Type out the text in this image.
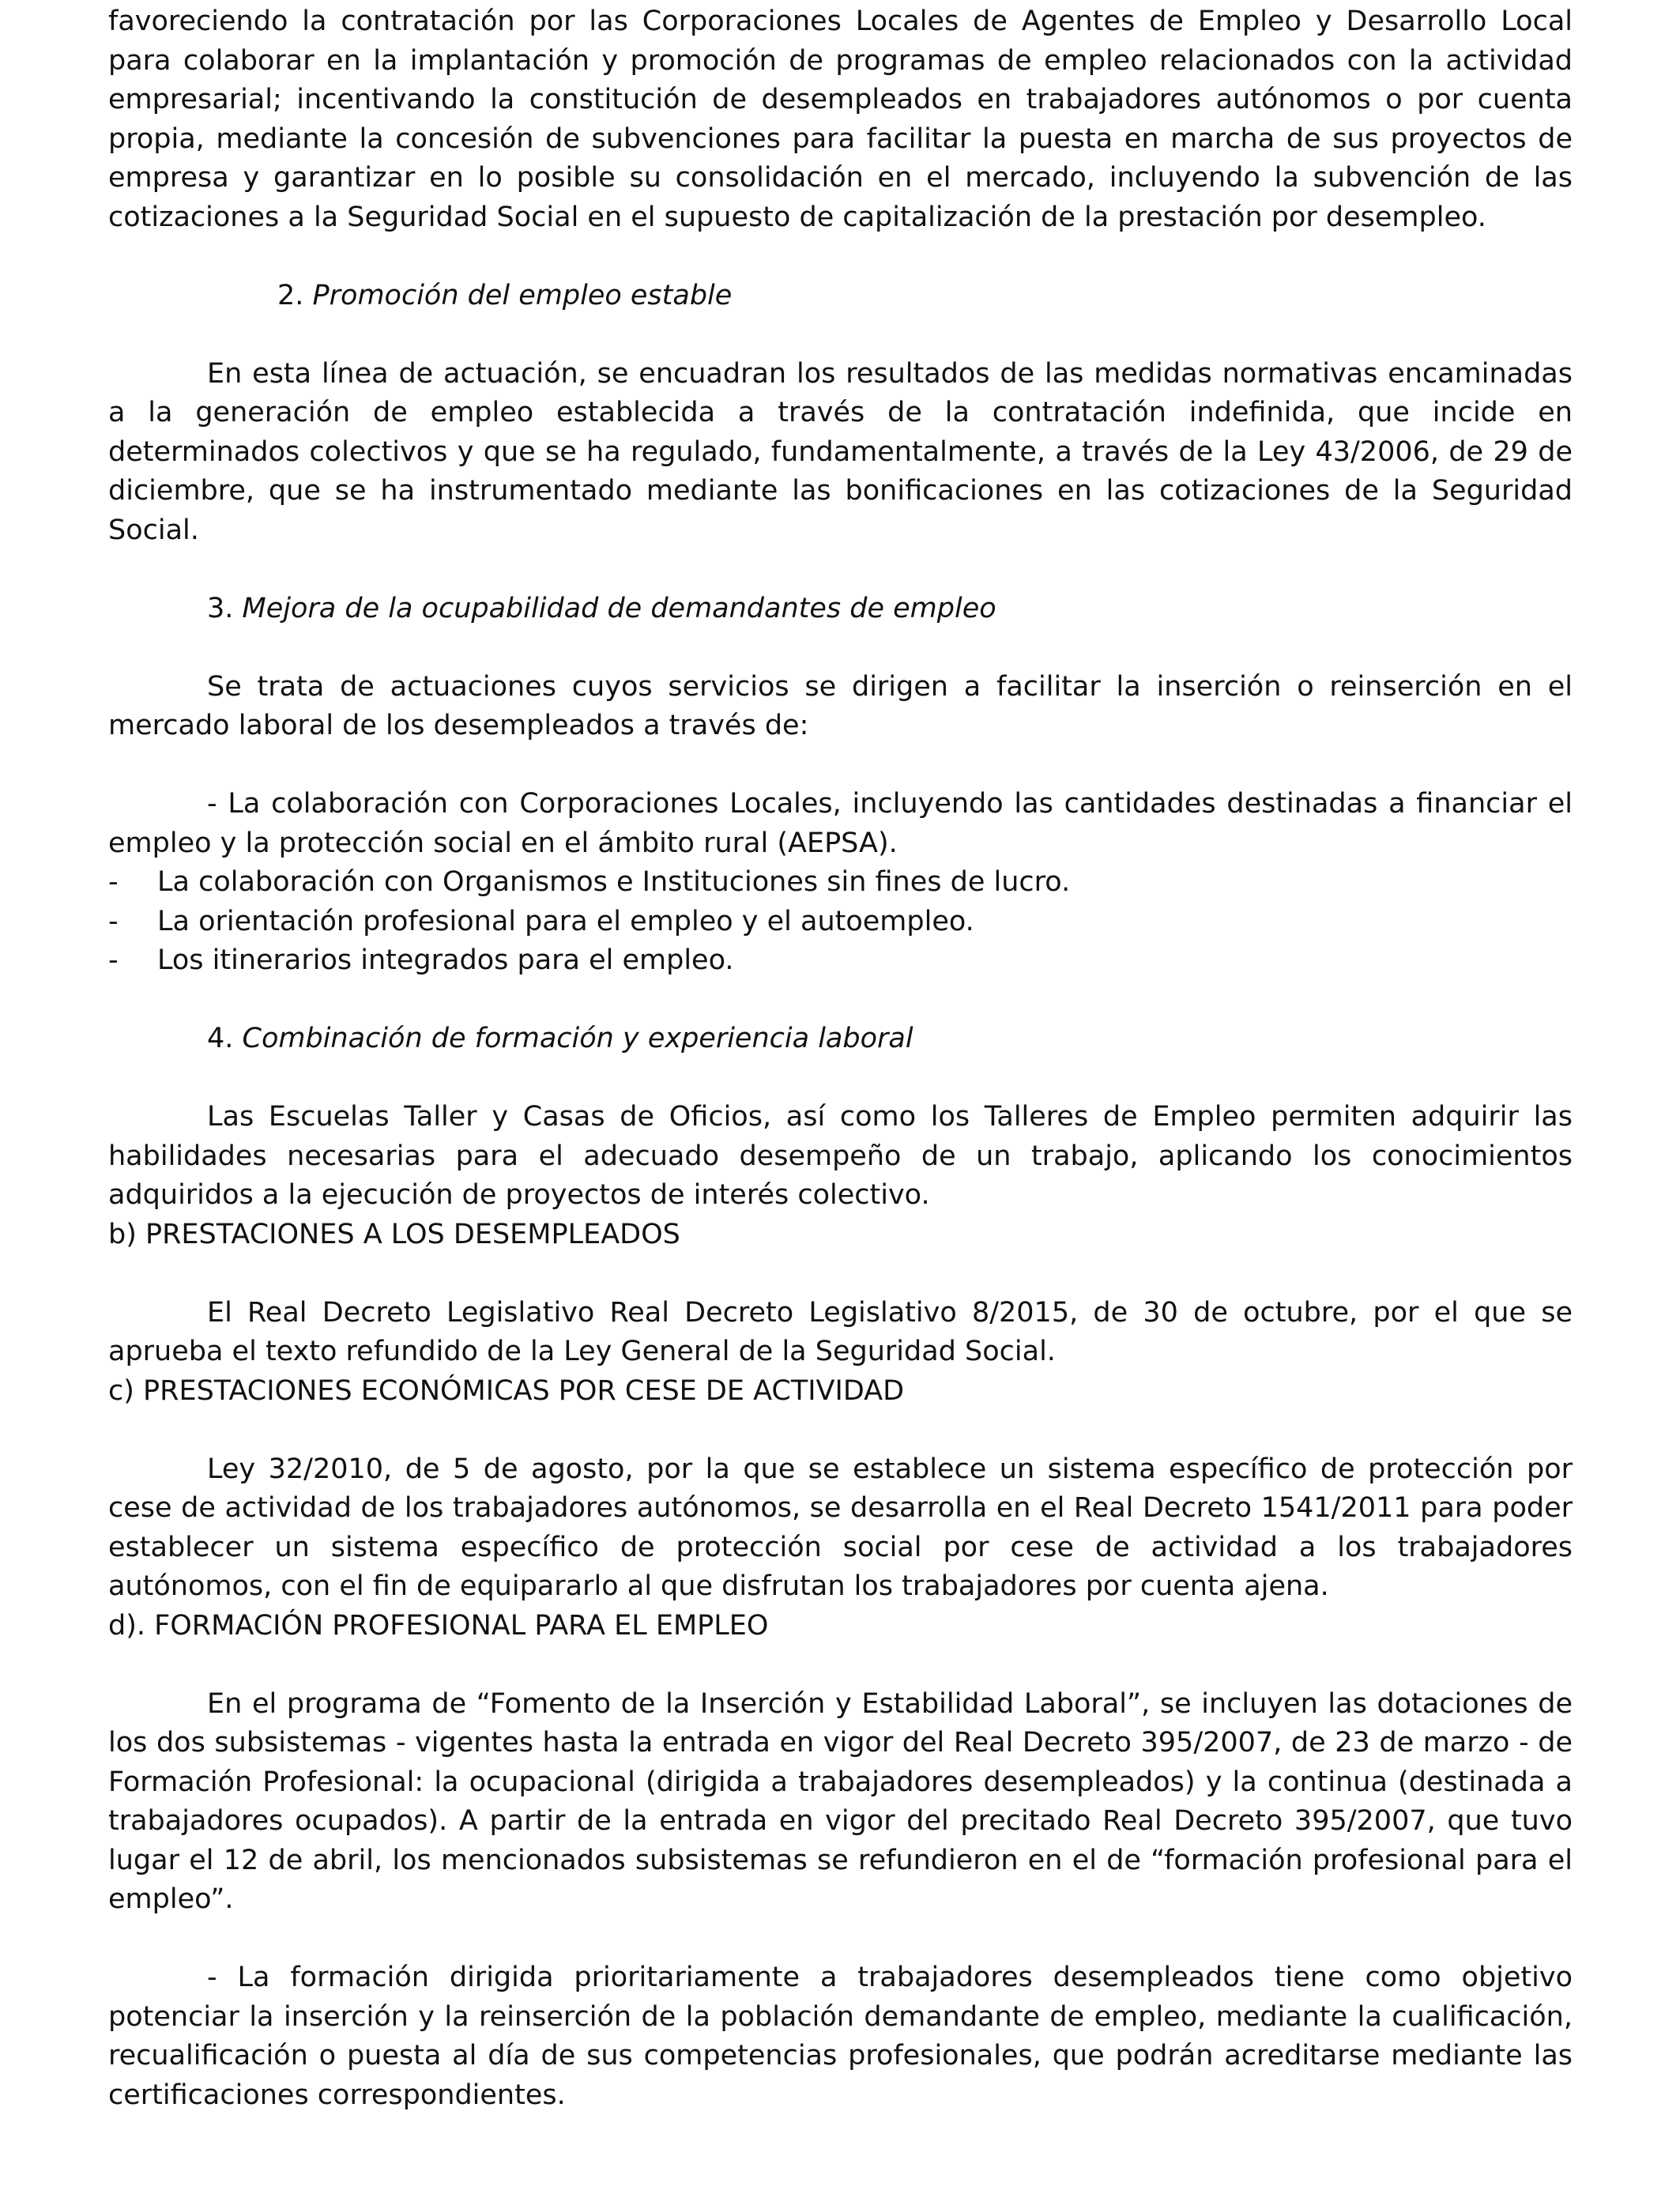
favoreciendo la contratación por las Corporaciones Locales de Agentes de Empleo y Desarrollo Local para colaborar en la implantación y promoción de programas de empleo relacionados con la actividad empresarial; incentivando la constitución de desempleados en trabajadores autónomos o por cuenta propia, mediante la concesión de subvenciones para facilitar la puesta en marcha de sus proyectos de empresa y garantizar en lo posible su consolidación en el mercado, incluyendo la subvención de las cotizaciones a la Seguridad Social en el supuesto de capitalización de la prestación por desempleo.

2. Promoción del empleo estable

En esta línea de actuación, se encuadran los resultados de las medidas normativas encaminadas a la generación de empleo establecida a través de la contratación indefinida, que incide en determinados colectivos y que se ha regulado, fundamentalmente, a través de la Ley 43/2006, de 29 de diciembre, que se ha instrumentado mediante las bonificaciones en las cotizaciones de la Seguridad Social.

3. Mejora de la ocupabilidad de demandantes de empleo

Se trata de actuaciones cuyos servicios se dirigen a facilitar la inserción o reinserción en el mercado laboral de los desempleados a través de:

- La colaboración con Corporaciones Locales, incluyendo las cantidades destinadas a financiar el empleo y la protección social en el ámbito rural (AEPSA).

- La colaboración con Organismos e Instituciones sin fines de lucro.
- La orientación profesional para el empleo y el autoempleo.
- Los itinerarios integrados para el empleo.

4. Combinación de formación y experiencia laboral

Las Escuelas Taller y Casas de Oficios, así como los Talleres de Empleo permiten adquirir las habilidades necesarias para el adecuado desempeño de un trabajo, aplicando los conocimientos adquiridos a la ejecución de proyectos de interés colectivo.

b) PRESTACIONES A LOS DESEMPLEADOS

El Real Decreto Legislativo Real Decreto Legislativo 8/2015, de 30 de octubre, por el que se aprueba el texto refundido de la Ley General de la Seguridad Social.

c) PRESTACIONES ECONÓMICAS POR CESE DE ACTIVIDAD

Ley 32/2010, de 5 de agosto, por la que se establece un sistema específico de protección por cese de actividad de los trabajadores autónomos, se desarrolla en el Real Decreto 1541/2011 para poder establecer un sistema específico de protección social por cese de actividad a los trabajadores autónomos, con el fin de equipararlo al que disfrutan los trabajadores por cuenta ajena.

d). FORMACIÓN PROFESIONAL PARA EL EMPLEO

En el programa de “Fomento de la Inserción y Estabilidad Laboral”, se incluyen las dotaciones de los dos subsistemas - vigentes hasta la entrada en vigor del Real Decreto 395/2007, de 23 de marzo - de Formación Profesional: la ocupacional (dirigida a trabajadores desempleados) y la continua (destinada a trabajadores ocupados). A partir de la entrada en vigor del precitado Real Decreto 395/2007, que tuvo lugar el 12 de abril, los mencionados subsistemas se refundieron en el de “formación profesional para el empleo”.

- La formación dirigida prioritariamente a trabajadores desempleados tiene como objetivo potenciar la inserción y la reinserción de la población demandante de empleo, mediante la cualificación, recualificación o puesta al día de sus competencias profesionales, que podrán acreditarse mediante las certificaciones correspondientes.
